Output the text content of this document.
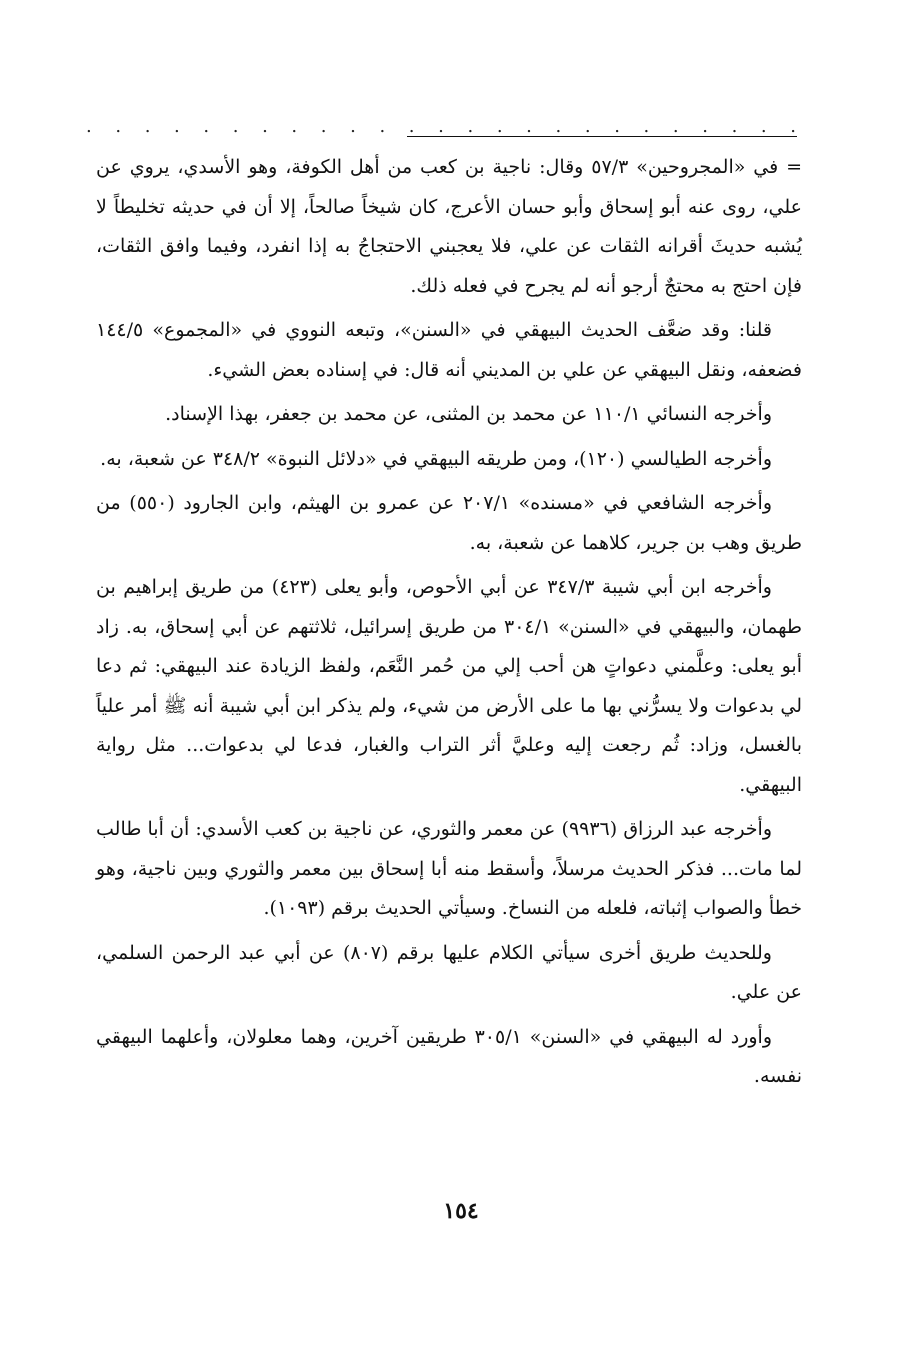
. . . . . . . . . . . . . . . . . . . . . . . . .

= في «المجروحين» ٥٧/٣ وقال: ناجية بن كعب من أهل الكوفة، وهو الأسدي، يروي عن علي، روى عنه أبو إسحاق وأبو حسان الأعرج، كان شيخاً صالحاً، إلا أن في حديثه تخليطاً لا يُشبه حديثَ أقرانه الثقات عن علي، فلا يعجبني الاحتجاجُ به إذا انفرد، وفيما وافق الثقات، فإن احتج به محتجٌ أرجو أنه لم يجرح في فعله ذلك.

قلنا: وقد ضعَّف الحديث البيهقي في «السنن»، وتبعه النووي في «المجموع» ١٤٤/٥ فضعفه، ونقل البيهقي عن علي بن المديني أنه قال: في إسناده بعض الشيء.

وأخرجه النسائي ١١٠/١ عن محمد بن المثنى، عن محمد بن جعفر، بهذا الإسناد.

وأخرجه الطيالسي (١٢٠)، ومن طريقه البيهقي في «دلائل النبوة» ٣٤٨/٢ عن شعبة، به.

وأخرجه الشافعي في «مسنده» ٢٠٧/١ عن عمرو بن الهيثم، وابن الجارود (٥٥٠) من طريق وهب بن جرير، كلاهما عن شعبة، به.

وأخرجه ابن أبي شيبة ٣٤٧/٣ عن أبي الأحوص، وأبو يعلى (٤٢٣) من طريق إبراهيم بن طهمان، والبيهقي في «السنن» ٣٠٤/١ من طريق إسرائيل، ثلاثتهم عن أبي إسحاق، به. زاد أبو يعلى: وعلَّمني دعواتٍ هن أحب إلي من حُمر النَّعَم، ولفظ الزيادة عند البيهقي: ثم دعا لي بدعوات ولا يسرُّني بها ما على الأرض من شيء، ولم يذكر ابن أبي شيبة أنه ﷺ أمر علياً بالغسل، وزاد: ثُم رجعت إليه وعليَّ أثر التراب والغبار، فدعا لي بدعوات... مثل رواية البيهقي.

وأخرجه عبد الرزاق (٩٩٣٦) عن معمر والثوري، عن ناجية بن كعب الأسدي: أن أبا طالب لما مات... فذكر الحديث مرسلاً، وأسقط منه أبا إسحاق بين معمر والثوري وبين ناجية، وهو خطأ والصواب إثباته، فلعله من النساخ. وسيأتي الحديث برقم (١٠٩٣).

وللحديث طريق أخرى سيأتي الكلام عليها برقم (٨٠٧) عن أبي عبد الرحمن السلمي، عن علي.

وأورد له البيهقي في «السنن» ٣٠٥/١ طريقين آخرين، وهما معلولان، وأعلهما البيهقي نفسه.

١٥٤
